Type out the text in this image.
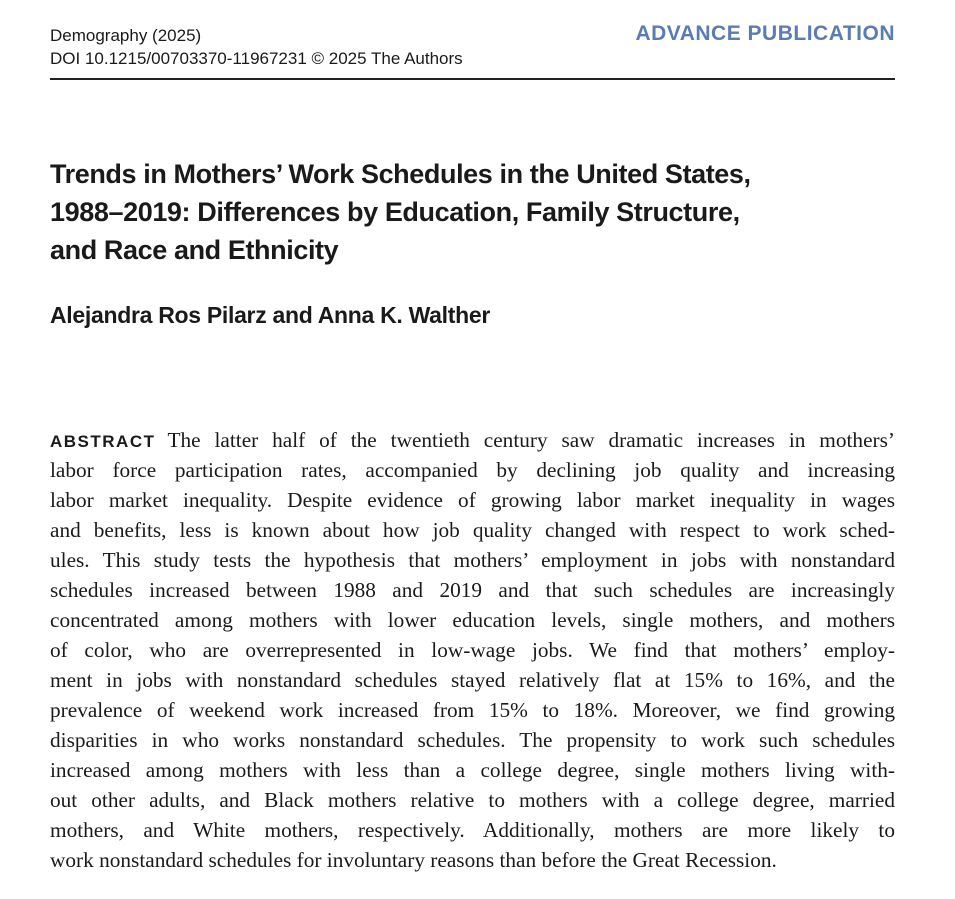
Demography (2025)
DOI 10.1215/00703370-11967231 © 2025 The Authors
ADVANCE PUBLICATION
Trends in Mothers’ Work Schedules in the United States,
1988–2019: Differences by Education, Family Structure,
and Race and Ethnicity
Alejandra Ros Pilarz and Anna K. Walther
ABSTRACT The latter half of the twentieth century saw dramatic increases in mothers’
labor force participation rates, accompanied by declining job quality and increasing
labor market inequality. Despite evidence of growing labor market inequality in wages
and benefits, less is known about how job quality changed with respect to work sched-
ules. This study tests the hypothesis that mothers’ employment in jobs with nonstandard
schedules increased between 1988 and 2019 and that such schedules are increasingly
concentrated among mothers with lower education levels, single mothers, and mothers
of color, who are overrepresented in low-wage jobs. We find that mothers’ employ-
ment in jobs with nonstandard schedules stayed relatively flat at 15% to 16%, and the
prevalence of weekend work increased from 15% to 18%. Moreover, we find growing
disparities in who works nonstandard schedules. The propensity to work such schedules
increased among mothers with less than a college degree, single mothers living with-
out other adults, and Black mothers relative to mothers with a college degree, married
mothers, and White mothers, respectively. Additionally, mothers are more likely to
work nonstandard schedules for involuntary reasons than before the Great Recession.
